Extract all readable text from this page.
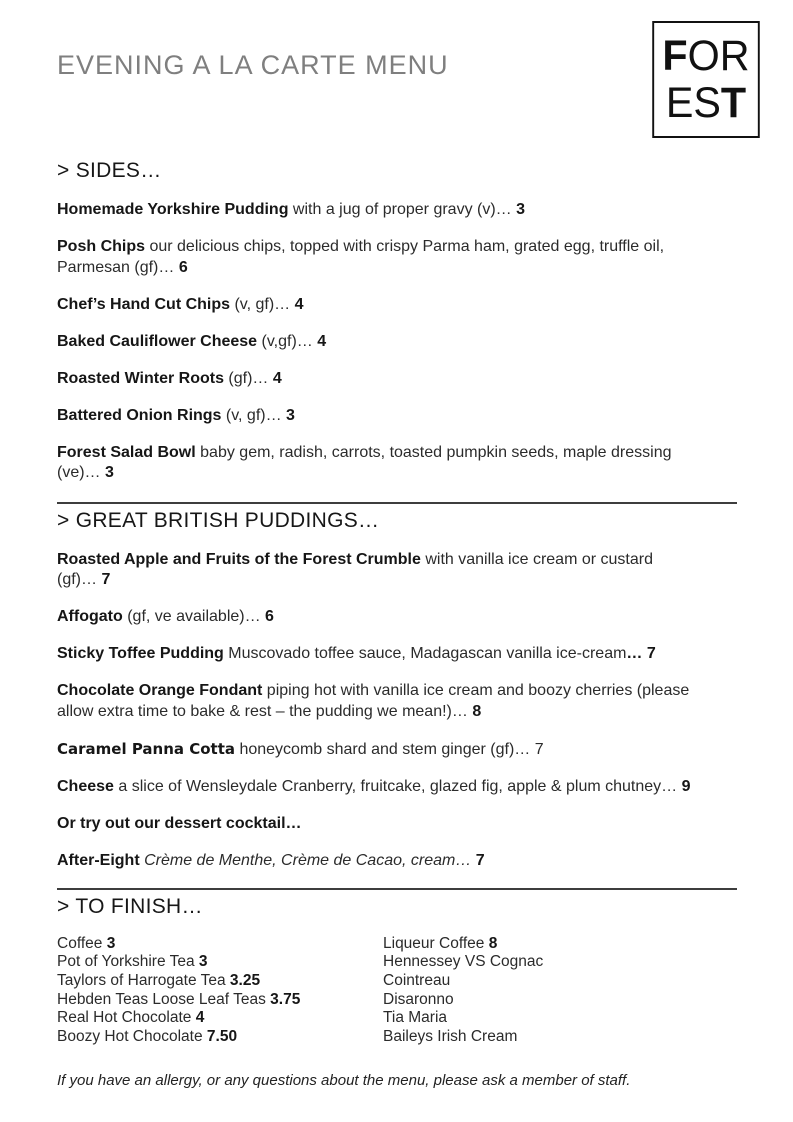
EVENING A LA CARTE MENU	FOR
EST
> SIDES…

Homemade Yorkshire Pudding with a jug of proper gravy (v)… 3

Posh Chips our delicious chips, topped with crispy Parma ham, grated egg, truffle oil, Parmesan (gf)… 6

Chef’s Hand Cut Chips (v, gf)… 4

Baked Cauliflower Cheese (v,gf)… 4

Roasted Winter Roots (gf)… 4

Battered Onion Rings (v, gf)… 3

Forest Salad Bowl baby gem, radish, carrots, toasted pumpkin seeds, maple dressing (ve)… 3

> GREAT BRITISH PUDDINGS…

Roasted Apple and Fruits of the Forest Crumble with vanilla ice cream or custard (gf)… 7

Affogato (gf, ve available)… 6

Sticky Toffee Pudding Muscovado toffee sauce, Madagascan vanilla ice-cream… 7

Chocolate Orange Fondant piping hot with vanilla ice cream and boozy cherries (please allow extra time to bake & rest – the pudding we mean!)… 8

Caramel Panna Cotta honeycomb shard and stem ginger (gf)… 7

Cheese a slice of Wensleydale Cranberry, fruitcake, glazed fig, apple & plum chutney… 9

Or try out our dessert cocktail…

After-Eight Crème de Menthe, Crème de Cacao, cream… 7

> TO FINISH…

Coffee 3

Pot of Yorkshire Tea 3

Taylors of Harrogate Tea 3.25

Hebden Teas Loose Leaf Teas 3.75

Real Hot Chocolate 4

Boozy Hot Chocolate 7.50

Liqueur Coffee 8

Hennessey VS Cognac

Cointreau

Disaronno

Tia Maria

Baileys Irish Cream

If you have an allergy, or any questions about the menu, please ask a member of staff.
